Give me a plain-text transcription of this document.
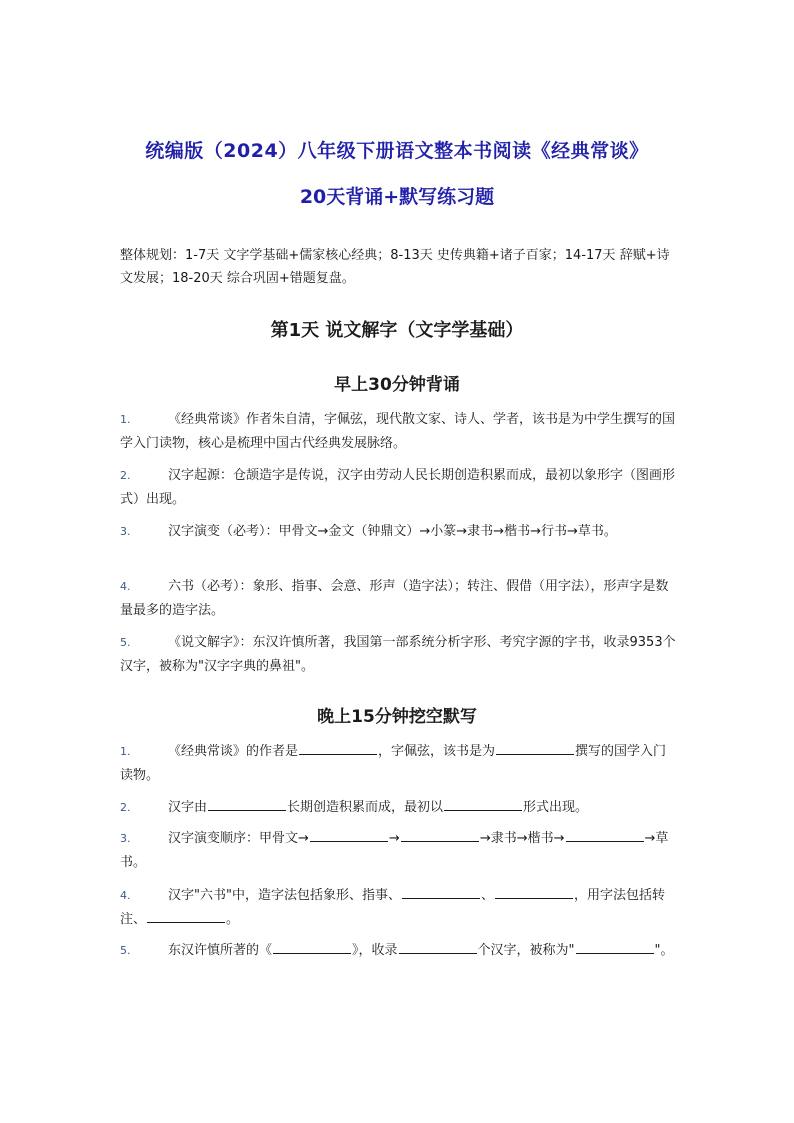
统编版（2024）八年级下册语文整本书阅读《经典常谈》
20天背诵+默写练习题

整体规划：1-7天 文字学基础+儒家核心经典；8-13天 史传典籍+诸子百家；14-17天 辞赋+诗文发展；18-20天 综合巩固+错题复盘。

第1天 说文解字（文字学基础）
早上30分钟背诵
1.	《经典常谈》作者朱自清，字佩弦，现代散文家、诗人、学者，该书是为中学生撰写的国学入门读物，核心是梳理中国古代经典发展脉络。
2.	汉字起源：仓颉造字是传说，汉字由劳动人民长期创造积累而成，最初以象形字（图画形式）出现。
3.	汉字演变（必考）：甲骨文→金文（钟鼎文）→小篆→隶书→楷书→行书→草书。
4.	六书（必考）：象形、指事、会意、形声（造字法）；转注、假借（用字法），形声字是数量最多的造字法。
5.	《说文解字》：东汉许慎所著，我国第一部系统分析字形、考究字源的字书，收录9353个汉字，被称为"汉字字典的鼻祖"。
晚上15分钟挖空默写
1.	《经典常谈》的作者是	，字佩弦，该书是为	撰写的国学入门读物。
2.	汉字由	长期创造积累而成，最初以	形式出现。
3.	汉字演变顺序：甲骨文→	→	→隶书→楷书→	→草书。
4.	汉字"六书"中，造字法包括象形、指事、	、	，用字法包括转注、	。
5.	东汉许慎所著的《	》，收录	个汉字，被称为"	"。
